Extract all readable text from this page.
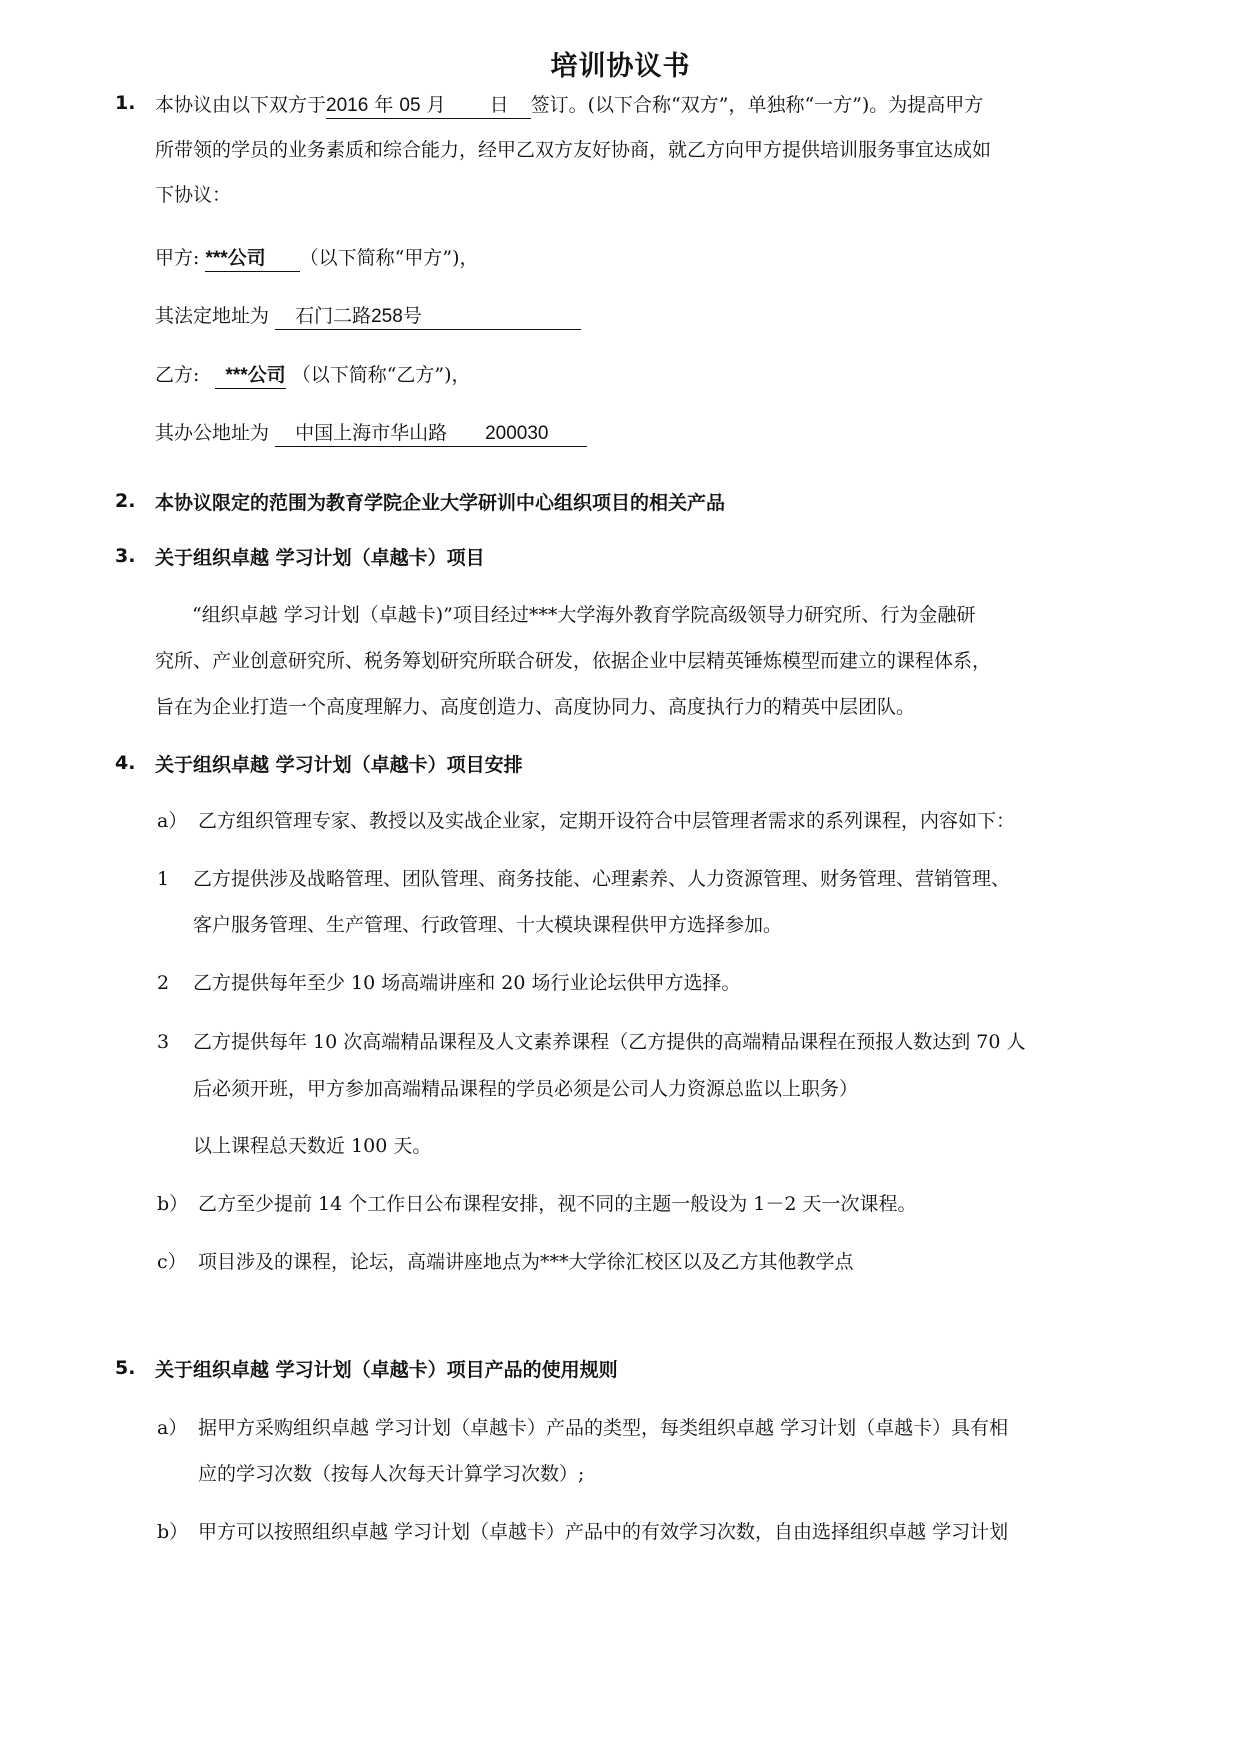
培训协议书
1. 本协议由以下双方于2016 年 05 月 日 签订。(以下合称“双方”，单独称“一方”)。为提高甲方
所带领的学员的业务素质和综合能力，经甲乙双方友好协商，就乙方向甲方提供培训服务事宜达成如
下协议：
甲方: ***公司 （以下简称“甲方”)，
其法定地址为 石门二路258号
乙方: ***公司 （以下简称“乙方”)，
其办公地址为 中国上海市华山路 200030
2. 本协议限定的范围为教育学院企业大学研训中心组织项目的相关产品
3. 关于组织卓越 学习计划（卓越卡）项目
“组织卓越 学习计划（卓越卡)”项目经过***大学海外教育学院高级领导力研究所、行为金融研
究所、产业创意研究所、税务筹划研究所联合研发，依据企业中层精英锤炼模型而建立的课程体系，
旨在为企业打造一个高度理解力、高度创造力、高度协同力、高度执行力的精英中层团队。
4. 关于组织卓越 学习计划（卓越卡）项目安排
a） 乙方组织管理专家、教授以及实战企业家，定期开设符合中层管理者需求的系列课程，内容如下：
1 乙方提供涉及战略管理、团队管理、商务技能、心理素养、人力资源管理、财务管理、营销管理、
客户服务管理、生产管理、行政管理、十大模块课程供甲方选择参加。
2 乙方提供每年至少 10 场高端讲座和 20 场行业论坛供甲方选择。
3 乙方提供每年 10 次高端精品课程及人文素养课程（乙方提供的高端精品课程在预报人数达到 70 人
后必须开班，甲方参加高端精品课程的学员必须是公司人力资源总监以上职务）
以上课程总天数近 100 天。
b） 乙方至少提前 14 个工作日公布课程安排，视不同的主题一般设为 1－2 天一次课程。
c） 项目涉及的课程，论坛，高端讲座地点为***大学徐汇校区以及乙方其他教学点
5. 关于组织卓越 学习计划（卓越卡）项目产品的使用规则
a） 据甲方采购组织卓越 学习计划（卓越卡）产品的类型，每类组织卓越 学习计划（卓越卡）具有相
应的学习次数（按每人次每天计算学习次数）;
b） 甲方可以按照组织卓越 学习计划（卓越卡）产品中的有效学习次数，自由选择组织卓越 学习计划
